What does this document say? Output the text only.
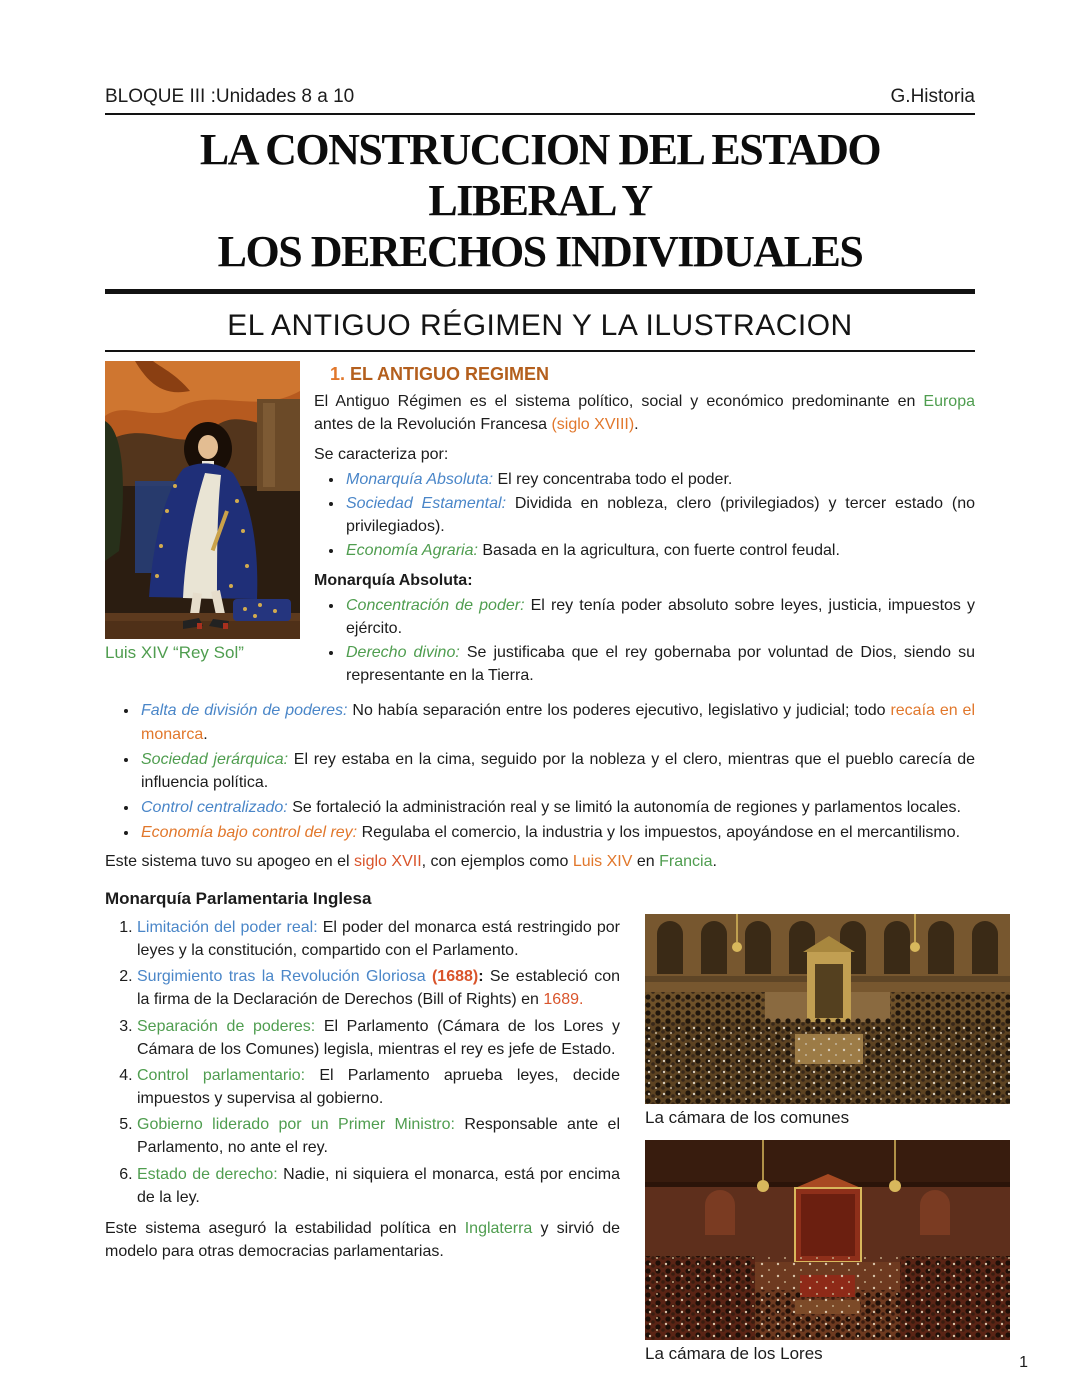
BLOQUE III :Unidades 8 a 10	G.Historia
LA CONSTRUCCION DEL ESTADO LIBERAL Y
LOS DERECHOS INDIVIDUALES
EL ANTIGUO RÉGIMEN Y LA ILUSTRACION
Luis XIV “Rey Sol”
1. EL ANTIGUO REGIMEN

El Antiguo Régimen es el sistema político, social y económico predominante en Europa antes de la Revolución Francesa (siglo XVIII).

Se caracteriza por:

• Monarquía Absoluta: El rey concentraba todo el poder.
• Sociedad Estamental: Dividida en nobleza, clero (privilegiados) y tercer estado (no privilegiados).
• Economía Agraria: Basada en la agricultura, con fuerte control feudal.

Monarquía Absoluta:

• Concentración de poder: El rey tenía poder absoluto sobre leyes, justicia, impuestos y ejército.
• Derecho divino: Se justificaba que el rey gobernaba por voluntad de Dios, siendo su representante en la Tierra.
• Falta de división de poderes: No había separación entre los poderes ejecutivo, legislativo y judicial; todo recaía en el monarca.
• Sociedad jerárquica: El rey estaba en la cima, seguido por la nobleza y el clero, mientras que el pueblo carecía de influencia política.
• Control centralizado: Se fortaleció la administración real y se limitó la autonomía de regiones y parlamentos locales.
• Economía bajo control del rey: Regulaba el comercio, la industria y los impuestos, apoyándose en el mercantilismo.

Este sistema tuvo su apogeo en el siglo XVII, con ejemplos como Luis XIV en Francia.

Monarquía Parlamentaria Inglesa
1. Limitación del poder real: El poder del monarca está restringido por leyes y la constitución, compartido con el Parlamento.
2. Surgimiento tras la Revolución Gloriosa (1688): Se estableció con la firma de la Declaración de Derechos (Bill of Rights) en 1689.
3. Separación de poderes: El Parlamento (Cámara de los Lores y Cámara de los Comunes) legisla, mientras el rey es jefe de Estado.
4. Control parlamentario: El Parlamento aprueba leyes, decide impuestos y supervisa al gobierno.
5. Gobierno liderado por un Primer Ministro: Responsable ante el Parlamento, no ante el rey.
6. Estado de derecho: Nadie, ni siquiera el monarca, está por encima de la ley.

Este sistema aseguró la estabilidad política en Inglaterra y sirvió de modelo para otras democracias parlamentarias.

La cámara de los comunes
La cámara de los Lores	1
